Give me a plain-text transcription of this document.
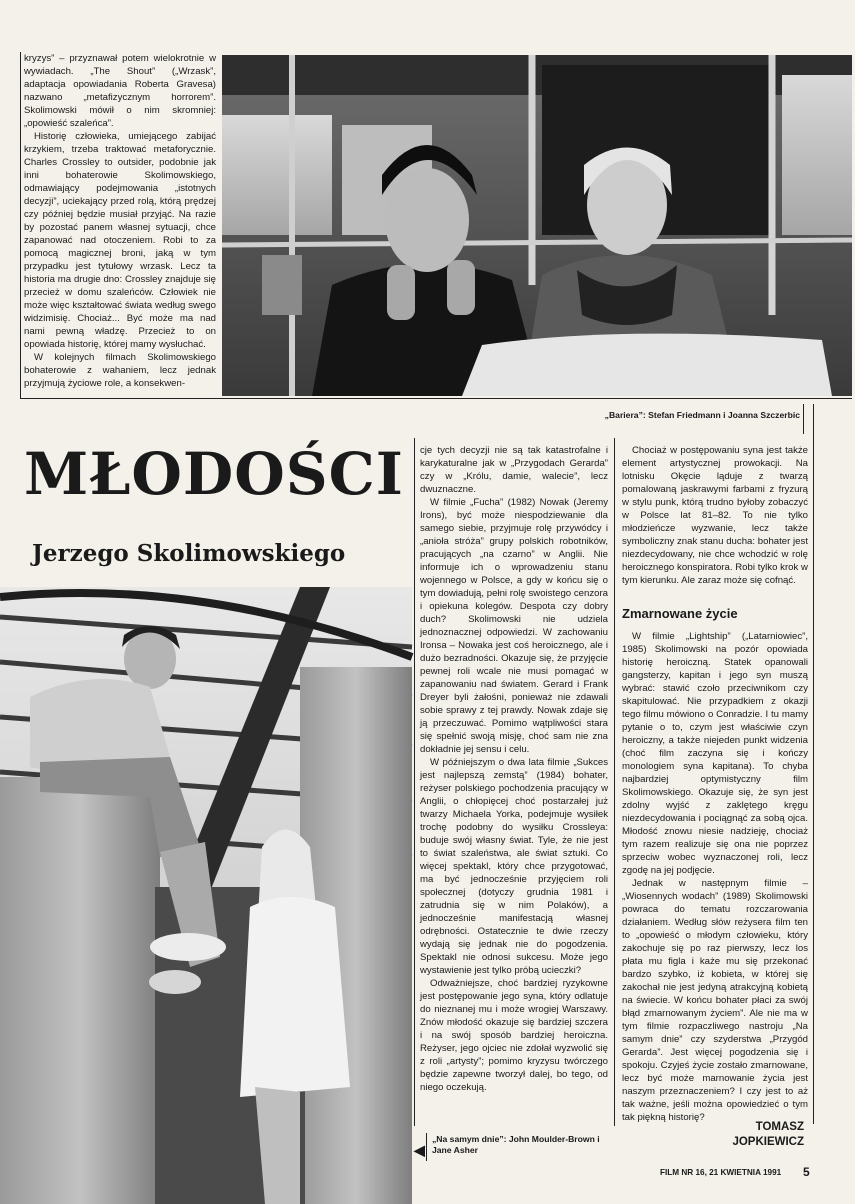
kryzys” – przyznawał potem wielokrotnie w wywiadach. „The Shout” („Wrzask”, adaptacja opowiadania Roberta Gravesa) nazwano „metafizycznym horrorem”. Skolimowski mówił o nim skromniej: „opowieść szaleńca”.

Historię człowieka, umiejącego zabijać krzykiem, trzeba traktować metaforycznie. Charles Crossley to outsider, podobnie jak inni bohaterowie Skolimowskiego, odmawiający podejmowania „istotnych decyzji”, uciekający przed rolą, którą prędzej czy później będzie musiał przyjąć. Na razie by pozostać panem własnej sytuacji, chce zapanować nad otoczeniem. Robi to za pomocą magicznej broni, jaką w tym przypadku jest tytułowy wrzask. Lecz ta historia ma drugie dno: Crossley znajduje się przecież w domu szaleńców. Człowiek nie może więc kształtować świata według swego widzimisię. Chociaż... Być może ma nad nami pewną władzę. Przecież to on opowiada historię, której mamy wysłuchać.

W kolejnych filmach Skolimowskiego bohaterowie z wahaniem, lecz jednak przyjmują życiowe role, a konsekwen-

„Bariera”: Stefan Friedmann i Joanna Szczerbic
MŁODOŚCI
Jerzego Skolimowskiego

cje tych decyzji nie są tak katastrofalne i karykaturalne jak w „Przygodach Gerarda” czy w „Królu, damie, walecie”, lecz dwuznaczne.

W filmie „Fucha” (1982) Nowak (Jeremy Irons), być może niespodziewanie dla samego siebie, przyjmuje rolę przywódcy i „anioła stróża” grupy polskich robotników, pracujących „na czarno” w Anglii. Nie informuje ich o wprowadzeniu stanu wojennego w Polsce, a gdy w końcu się o tym dowiadują, pełni rolę swoistego cenzora i opiekuna kolegów. Despota czy dobry duch? Skolimowski nie udziela jednoznacznej odpowiedzi. W zachowaniu Ironsa – Nowaka jest coś heroicznego, ale i dużo bezradności. Okazuje się, że przyjęcie pewnej roli wcale nie musi pomagać w zapanowaniu nad światem. Gerard i Frank Dreyer byli żałośni, ponieważ nie zdawali sobie sprawy z tej prawdy. Nowak zdaje się ją przeczuwać. Pomimo wątpliwości stara się spełnić swoją misję, choć sam nie zna dokładnie jej sensu i celu.

W późniejszym o dwa lata filmie „Sukces jest najlepszą zemstą” (1984) bohater, reżyser polskiego pochodzenia pracujący w Anglii, o chłopięcej choć postarzałej już twarzy Michaela Yorka, podejmuje wysiłek trochę podobny do wysiłku Crossleya: buduje swój własny świat. Tyle, że nie jest to świat szaleństwa, ale świat sztuki. Co więcej spektakl, który chce przygotować, ma być jednocześnie przyjęciem roli społecznej (dotyczy grudnia 1981 i zatrudnia się w nim Polaków), a jednocześnie manifestacją własnej odrębności. Ostatecznie te dwie rzeczy wydają się jednak nie do pogodzenia. Spektakl nie odnosi sukcesu. Może jego wystawienie jest tylko próbą ucieczki?

Odważniejsze, choć bardziej ryzykowne jest postępowanie jego syna, który odlatuje do nieznanej mu i może wrogiej Warszawy. Znów młodość okazuje się bardziej szczera i na swój sposób bardziej heroiczna. Reżyser, jego ojciec nie zdołał wyzwolić się z roli „artysty”; pomimo kryzysu twórczego będzie zapewne tworzył dalej, bo tego, od niego oczekują.

Chociaż w postępowaniu syna jest także element artystycznej prowokacji. Na lotnisku Okęcie ląduje z twarzą pomalowaną jaskrawymi farbami z fryzurą w stylu punk, którą trudno byłoby zobaczyć w Polsce lat 81–82. To nie tylko młodzieńcze wyzwanie, lecz także symboliczny znak stanu ducha: bohater jest niezdecydowany, nie chce wchodzić w rolę heroicznego konspiratora. Robi tylko krok w tym kierunku. Ale zaraz może się cofnąć.

Zmarnowane życie

W filmie „Lightship” („Latarniowiec”, 1985) Skolimowski na pozór opowiada historię heroiczną. Statek opanowali gangsterzy, kapitan i jego syn muszą wybrać: stawić czoło przeciwnikom czy skapitulować. Nie przypadkiem z okazji tego filmu mówiono o Conradzie. I tu mamy pytanie o to, czym jest właściwie czyn heroiczny, a także niejeden punkt widzenia (choć film zaczyna się i kończy monologiem syna kapitana). To chyba najbardziej optymistyczny film Skolimowskiego. Okazuje się, że syn jest zdolny wyjść z zaklętego kręgu niezdecydowania i pociągnąć za sobą ojca. Młodość znowu niesie nadzieję, chociaż tym razem realizuje się ona nie poprzez sprzeciw wobec wyznaczonej roli, lecz zgodę na jej podjęcie.

Jednak w następnym filmie – „Wiosennych wodach” (1989) Skolimowski powraca do tematu rozczarowania działaniem. Według słów reżysera film ten to „opowieść o młodym człowieku, który zakochuje się po raz pierwszy, lecz los płata mu figla i każe mu się przekonać bardzo szybko, iż kobieta, w której się zakochał nie jest jedyną atrakcyjną kobietą na świecie. W końcu bohater płaci za swój błąd zmarnowanym życiem”. Ale nie ma w tym filmie rozpaczliwego nastroju „Na samym dnie” czy szyderstwa „Przygód Gerarda”. Jest więcej pogodzenia się i spokoju. Czyjeś życie zostało zmarnowane, lecz być może marnowanie życia jest naszym przeznaczeniem? I czy jest to aż tak ważne, jeśli można opowiedzieć o tym tak piękną historię?

TOMASZ
JOPKIEWICZ
◀
„Na samym dnie”: John Moulder-Brown i Jane Asher
FILM NR 16, 21 KWIETNIA 1991 5
